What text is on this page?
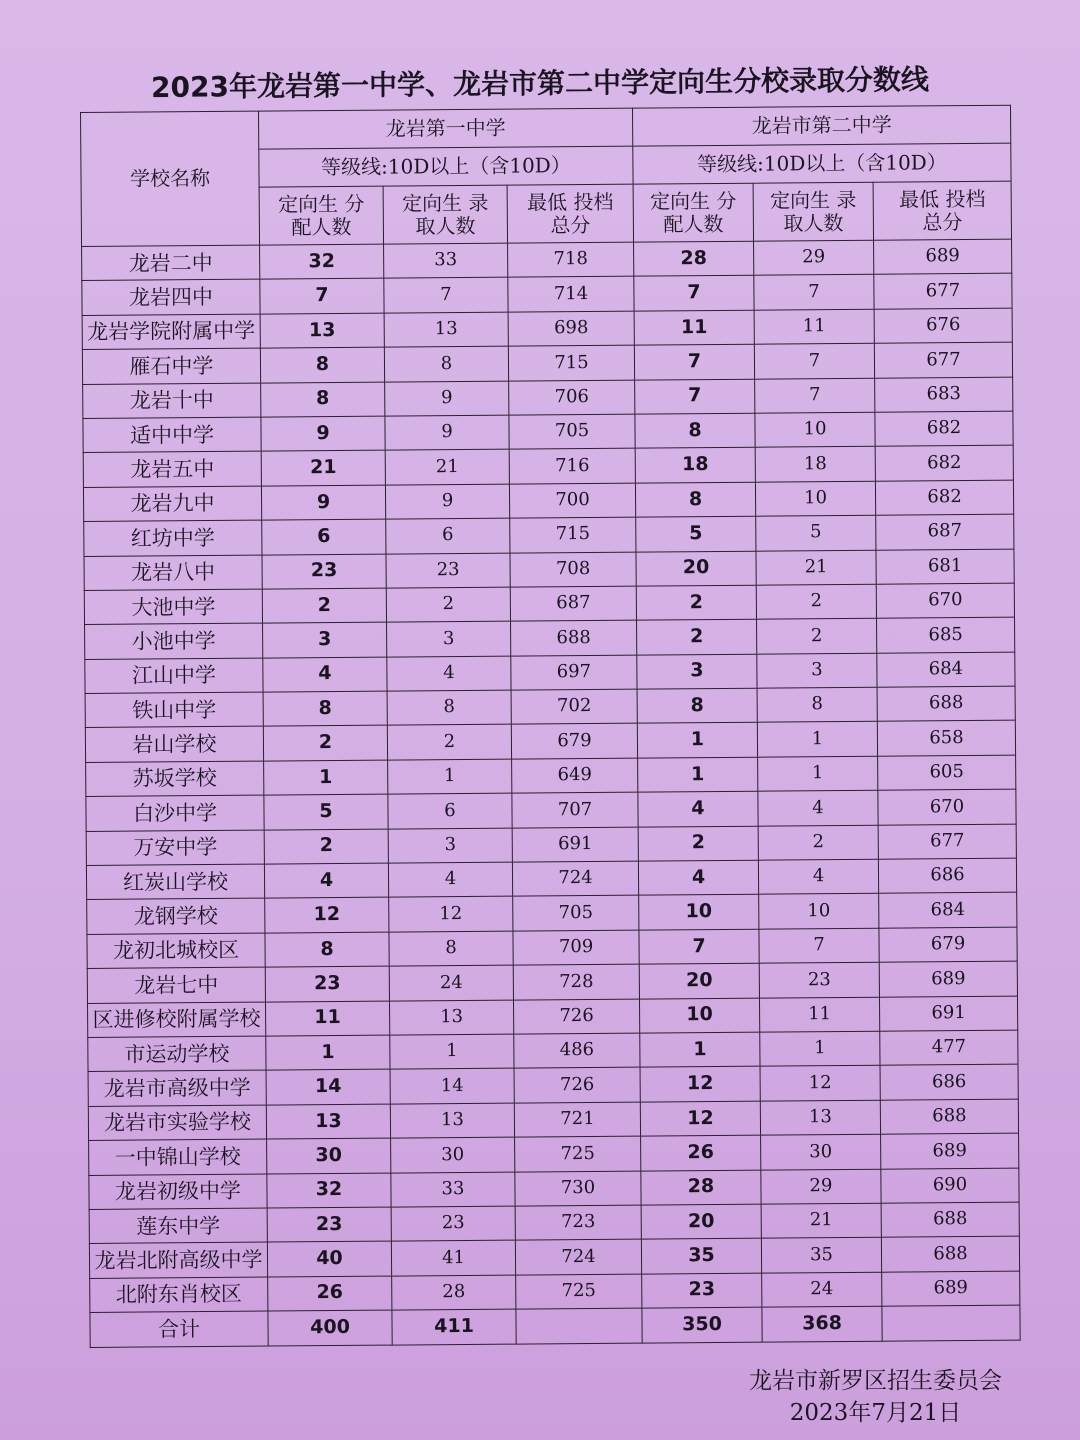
2023年龙岩第一中学、龙岩市第二中学定向生分校录取分数线
学校名称	龙岩第一中学			龙岩市第二中学		
	等级线:10D以上（含10D）			等级线:10D以上（含10D）		
	定向生 分配人数	定向生 录取人数	最低 投档总分	定向生 分配人数	定向生 录取人数	最低 投档总分
龙岩二中	32	33	718	28	29	689
龙岩四中	7	7	714	7	7	677
龙岩学院附属中学	13	13	698	11	11	676
雁石中学	8	8	715	7	7	677
龙岩十中	8	9	706	7	7	683
适中中学	9	9	705	8	10	682
龙岩五中	21	21	716	18	18	682
龙岩九中	9	9	700	8	10	682
红坊中学	6	6	715	5	5	687
龙岩八中	23	23	708	20	21	681
大池中学	2	2	687	2	2	670
小池中学	3	3	688	2	2	685
江山中学	4	4	697	3	3	684
铁山中学	8	8	702	8	8	688
岩山学校	2	2	679	1	1	658
苏坂学校	1	1	649	1	1	605
白沙中学	5	6	707	4	4	670
万安中学	2	3	691	2	2	677
红炭山学校	4	4	724	4	4	686
龙钢学校	12	12	705	10	10	684
龙初北城校区	8	8	709	7	7	679
龙岩七中	23	24	728	20	23	689
区进修校附属学校	11	13	726	10	11	691
市运动学校	1	1	486	1	1	477
龙岩市高级中学	14	14	726	12	12	686
龙岩市实验学校	13	13	721	12	13	688
一中锦山学校	30	30	725	26	30	689
龙岩初级中学	32	33	730	28	29	690
莲东中学	23	23	723	20	21	688
龙岩北附高级中学	40	41	724	35	35	688
北附东肖校区	26	28	725	23	24	689
合计	400	411		350	368	
龙岩市新罗区招生委员会
2023年7月21日
